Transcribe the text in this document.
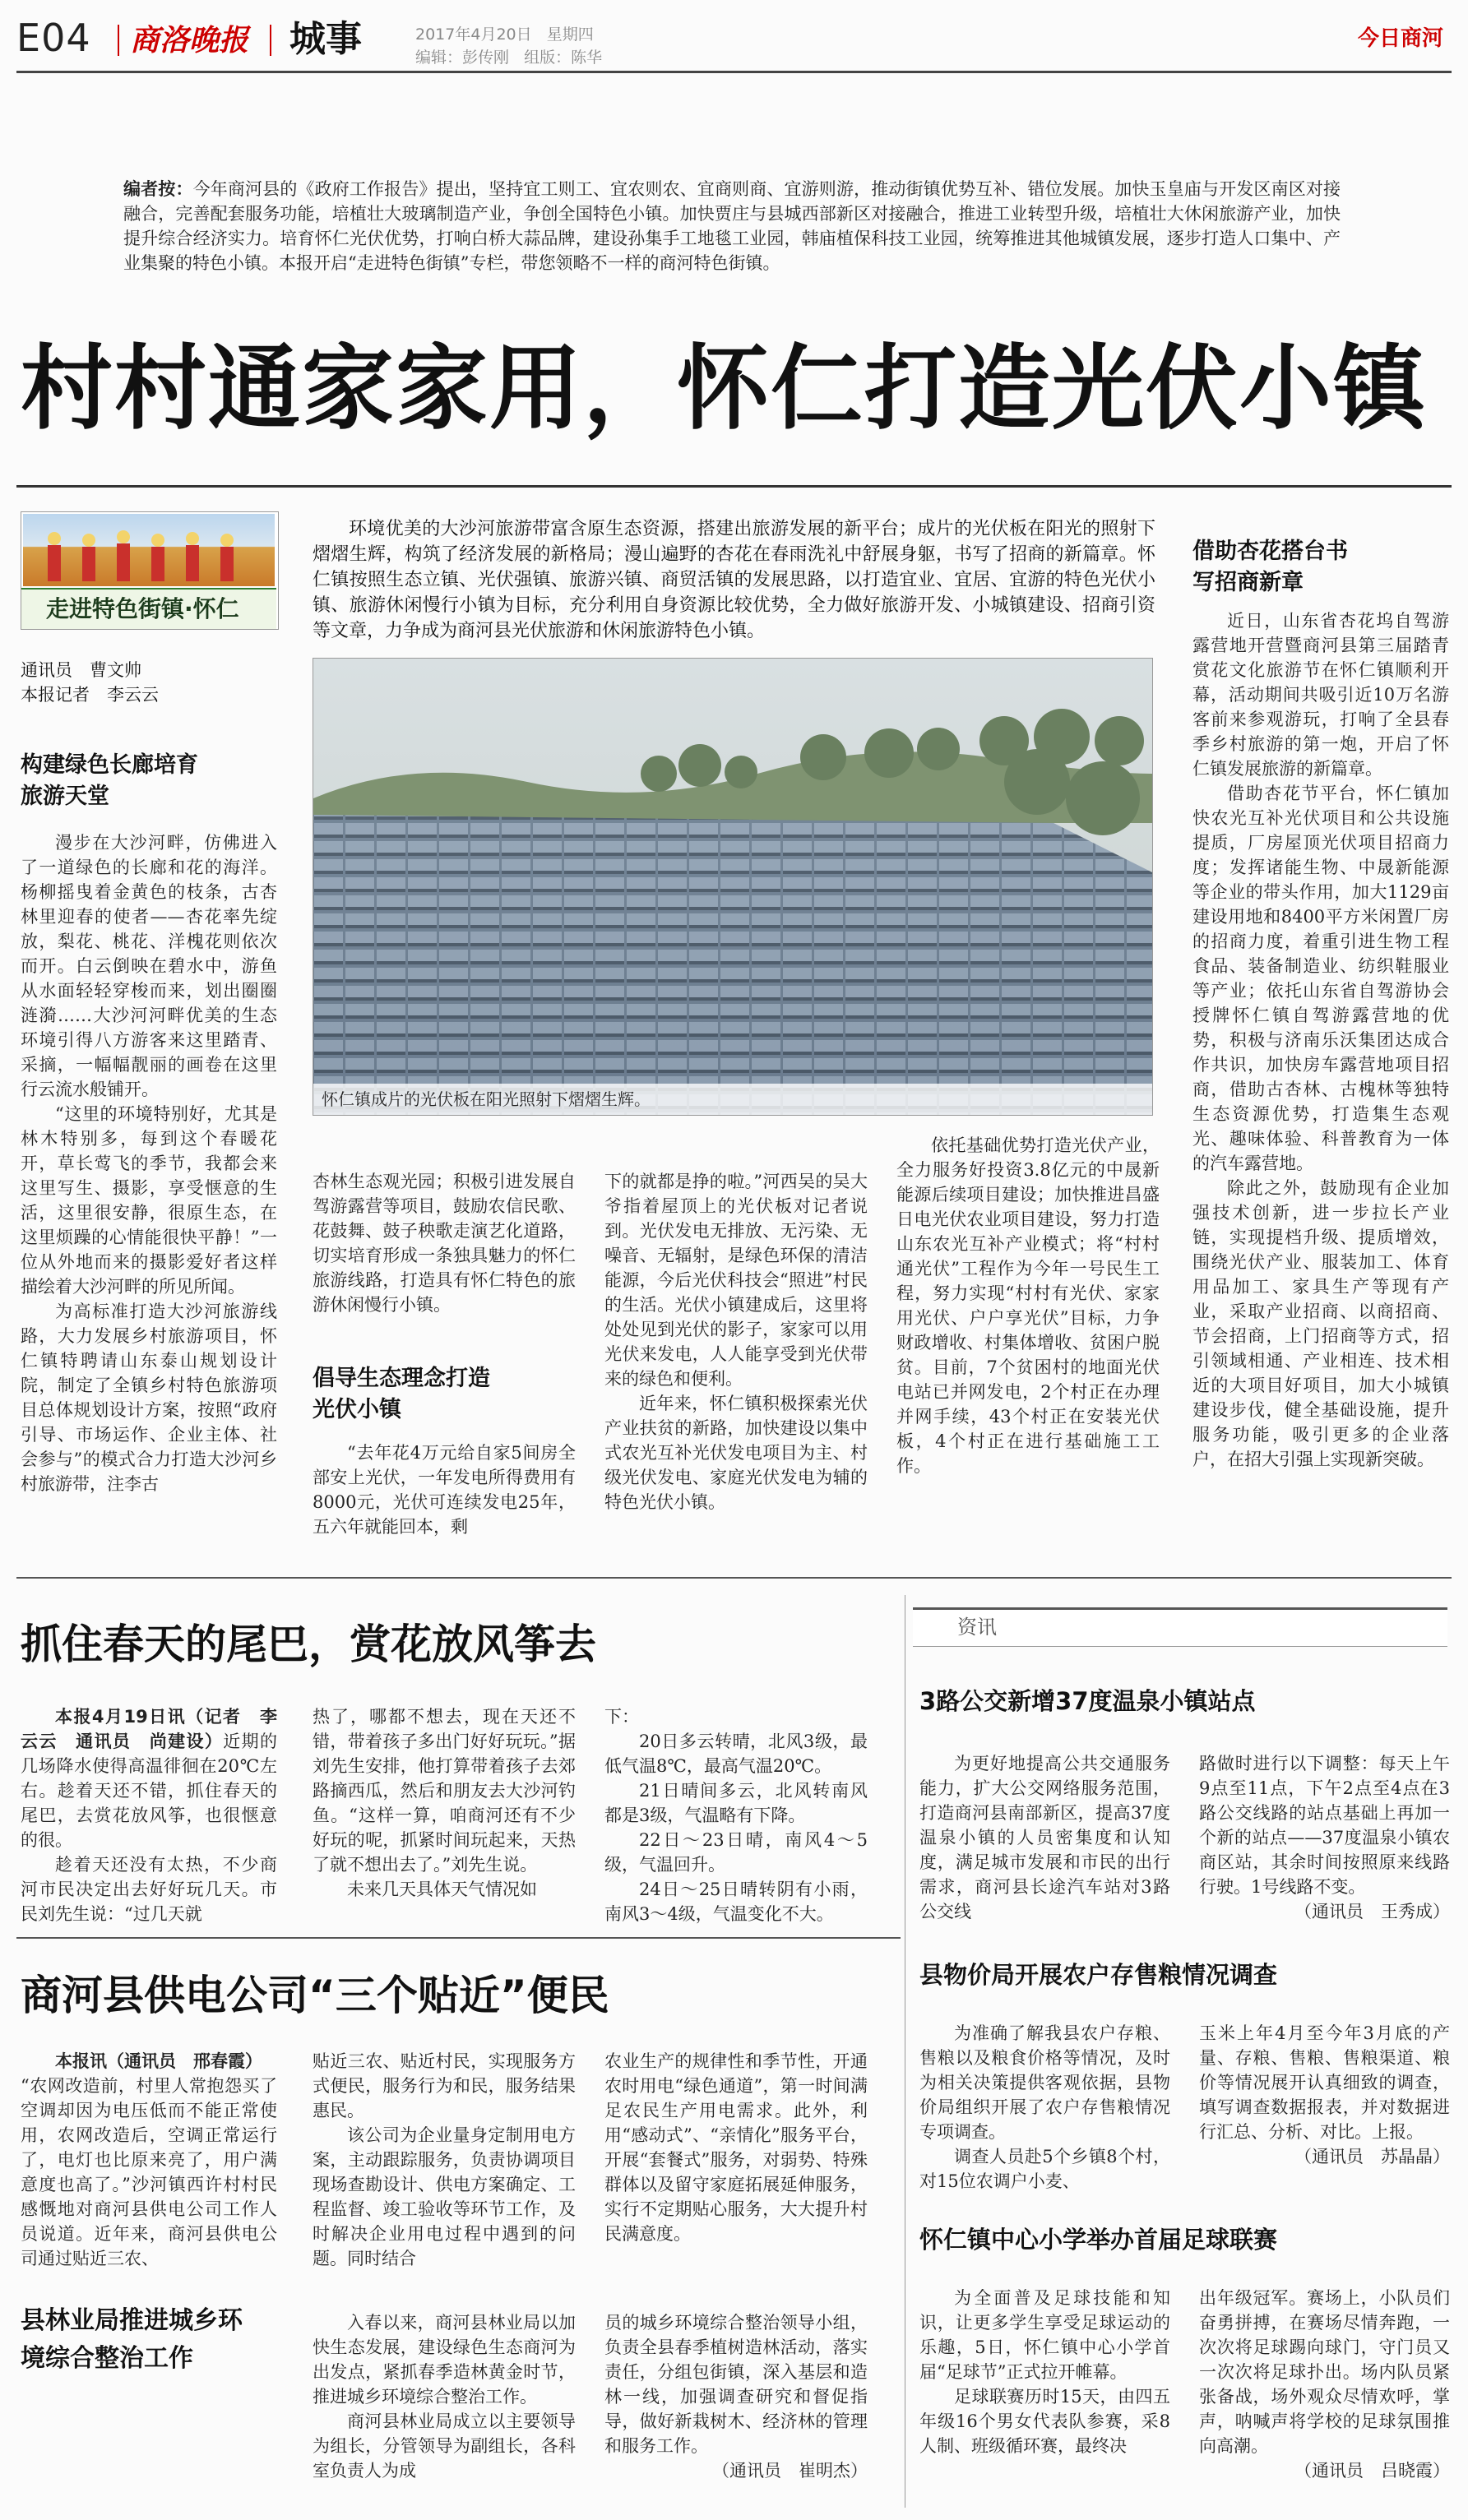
E04 商洛晚报 城事	2017年4月20日 星期四
编辑：彭传刚 组版：陈华
今日商河
编者按：今年商河县的《政府工作报告》提出，坚持宜工则工、宜农则农、宜商则商、宜游则游，推动街镇优势互补、错位发展。加快玉皇庙与开发区南区对接融合，完善配套服务功能，培植壮大玻璃制造产业，争创全国特色小镇。加快贾庄与县城西部新区对接融合，推进工业转型升级，培植壮大休闲旅游产业，加快提升综合经济实力。培育怀仁光伏优势，打响白桥大蒜品牌，建设孙集手工地毯工业园，韩庙植保科技工业园，统筹推进其他城镇发展，逐步打造人口集中、产业集聚的特色小镇。本报开启“走进特色街镇”专栏，带您领略不一样的商河特色街镇。
村村通家家用，怀仁打造光伏小镇
走进特色街镇·怀仁

环境优美的大沙河旅游带富含原生态资源，搭建出旅游发展的新平台；成片的光伏板在阳光的照射下熠熠生辉，构筑了经济发展的新格局；漫山遍野的杏花在春雨洗礼中舒展身躯，书写了招商的新篇章。怀仁镇按照生态立镇、光伏强镇、旅游兴镇、商贸活镇的发展思路，以打造宜业、宜居、宜游的特色光伏小镇、旅游休闲慢行小镇为目标，充分利用自身资源比较优势，全力做好旅游开发、小城镇建设、招商引资等文章，力争成为商河县光伏旅游和休闲旅游特色小镇。

怀仁镇成片的光伏板在阳光照射下熠熠生辉。
通讯员　曹文帅
本报记者　李云云
构建绿色长廊培育旅游天堂

漫步在大沙河畔，仿佛进入了一道绿色的长廊和花的海洋。杨柳摇曳着金黄色的枝条，古杏林里迎春的使者——杏花率先绽放，梨花、桃花、洋槐花则依次而开。白云倒映在碧水中，游鱼从水面轻轻穿梭而来，划出圈圈涟漪……大沙河河畔优美的生态环境引得八方游客来这里踏青、采摘，一幅幅靓丽的画卷在这里行云流水般铺开。

“这里的环境特别好，尤其是林木特别多，每到这个春暖花开，草长莺飞的季节，我都会来这里写生、摄影，享受惬意的生活，这里很安静，很原生态，在这里烦躁的心情能很快平静！”一位从外地而来的摄影爱好者这样描绘着大沙河畔的所见所闻。

为高标准打造大沙河旅游线路，大力发展乡村旅游项目，怀仁镇特聘请山东泰山规划设计院，制定了全镇乡村特色旅游项目总体规划设计方案，按照“政府引导、市场运作、企业主体、社会参与”的模式合力打造大沙河乡村旅游带，注李古

杏林生态观光园；积极引进发展自驾游露营等项目，鼓励农信民歌、花鼓舞、鼓子秧歌走演艺化道路，切实培育形成一条独具魅力的怀仁旅游线路，打造具有怀仁特色的旅游休闲慢行小镇。

倡导生态理念打造光伏小镇

“去年花4万元给自家5间房全部安上光伏，一年发电所得费用有8000元，光伏可连续发电25年，五六年就能回本，剩

下的就都是挣的啦。”河西吴的吴大爷指着屋顶上的光伏板对记者说到。光伏发电无排放、无污染、无噪音、无辐射，是绿色环保的清洁能源，今后光伏科技会“照进”村民的生活。光伏小镇建成后，这里将处处见到光伏的影子，家家可以用光伏来发电，人人能享受到光伏带来的绿色和便利。

近年来，怀仁镇积极探索光伏产业扶贫的新路，加快建设以集中式农光互补光伏发电项目为主、村级光伏发电、家庭光伏发电为辅的特色光伏小镇。

依托基础优势打造光伏产业，全力服务好投资3.8亿元的中晟新能源后续项目建设；加快推进昌盛日电光伏农业项目建设，努力打造山东农光互补产业模式；将“村村通光伏”工程作为今年一号民生工程，努力实现“村村有光伏、家家用光伏、户户享光伏”目标，力争财政增收、村集体增收、贫困户脱贫。目前，7个贫困村的地面光伏电站已并网发电，2个村正在办理并网手续，43个村正在安装光伏板，4个村正在进行基础施工工作。

借助杏花搭台书写招商新章

近日，山东省杏花坞自驾游露营地开营暨商河县第三届踏青赏花文化旅游节在怀仁镇顺利开幕，活动期间共吸引近10万名游客前来参观游玩，打响了全县春季乡村旅游的第一炮，开启了怀仁镇发展旅游的新篇章。

借助杏花节平台，怀仁镇加快农光互补光伏项目和公共设施提质，厂房屋顶光伏项目招商力度；发挥诸能生物、中晟新能源等企业的带头作用，加大1129亩建设用地和8400平方米闲置厂房的招商力度，着重引进生物工程食品、装备制造业、纺织鞋服业等产业；依托山东省自驾游协会授牌怀仁镇自驾游露营地的优势，积极与济南乐沃集团达成合作共识，加快房车露营地项目招商，借助古杏林、古槐林等独特生态资源优势，打造集生态观光、趣味体验、科普教育为一体的汽车露营地。

除此之外，鼓励现有企业加强技术创新，进一步拉长产业链，实现提档升级、提质增效，围绕光伏产业、服装加工、体育用品加工、家具生产等现有产业，采取产业招商、以商招商、节会招商，上门招商等方式，招引领域相通、产业相连、技术相近的大项目好项目，加大小城镇建设步伐，健全基础设施，提升服务功能，吸引更多的企业落户，在招大引强上实现新突破。

抓住春天的尾巴，赏花放风筝去

本报4月19日讯（记者　李云云　通讯员　尚建设）近期的几场降水使得高温徘徊在20℃左右。趁着天还不错，抓住春天的尾巴，去赏花放风筝，也很惬意的很。

趁着天还没有太热，不少商河市民决定出去好好玩几天。市民刘先生说：“过几天就

热了，哪都不想去，现在天还不错，带着孩子多出门好好玩玩。”据刘先生安排，他打算带着孩子去郊路摘西瓜，然后和朋友去大沙河钓鱼。“这样一算，咱商河还有不少好玩的呢，抓紧时间玩起来，天热了就不想出去了。”刘先生说。

未来几天具体天气情况如

下：

20日多云转晴，北风3级，最低气温8℃，最高气温20℃。

21日晴间多云，北风转南风都是3级，气温略有下降。

22日～23日晴，南风4～5级，气温回升。

24日～25日晴转阴有小雨，南风3～4级，气温变化不大。

商河县供电公司“三个贴近”便民

本报讯（通讯员　邢春霞）

“农网改造前，村里人常抱怨买了空调却因为电压低而不能正常使用，农网改造后，空调正常运行了，电灯也比原来亮了，用户满意度也高了。”沙河镇西许村村民感慨地对商河县供电公司工作人员说道。近年来，商河县供电公司通过贴近三农、

贴近三农、贴近村民，实现服务方式便民，服务行为和民，服务结果惠民。

该公司为企业量身定制用电方案，主动跟踪服务，负责协调项目现场查勘设计、供电方案确定、工程监督、竣工验收等环节工作，及时解决企业用电过程中遇到的问题。同时结合

农业生产的规律性和季节性，开通农时用电“绿色通道”，第一时间满足农民生产用电需求。此外，利用“感动式”、“亲情化”服务平台，开展“套餐式”服务，对弱势、特殊群体以及留守家庭拓展延伸服务，实行不定期贴心服务，大大提升村民满意度。

县林业局推进城乡环境综合整治工作

入春以来，商河县林业局以加快生态发展，建设绿色生态商河为出发点，紧抓春季造林黄金时节，推进城乡环境综合整治工作。

商河县林业局成立以主要领导为组长，分管领导为副组长，各科室负责人为成

员的城乡环境综合整治领导小组，负责全县春季植树造林活动，落实责任，分组包街镇，深入基层和造林一线，加强调查研究和督促指导，做好新栽树木、经济林的管理和服务工作。

（通讯员　崔明杰）
资讯
3路公交新增37度温泉小镇站点

为更好地提高公共交通服务能力，扩大公交网络服务范围，打造商河县南部新区，提高37度温泉小镇的人员密集度和认知度，满足城市发展和市民的出行需求，商河县长途汽车站对3路公交线

路做时进行以下调整：每天上午9点至11点，下午2点至4点在3路公交线路的站点基础上再加一个新的站点——37度温泉小镇农商区站，其余时间按照原来线路行驶。1号线路不变。

（通讯员　王秀成）
县物价局开展农户存售粮情况调查

为准确了解我县农户存粮、售粮以及粮食价格等情况，及时为相关决策提供客观依据，县物价局组织开展了农户存售粮情况专项调查。

调查人员赴5个乡镇8个村，对15位农调户小麦、

玉米上年4月至今年3月底的产量、存粮、售粮、售粮渠道、粮价等情况展开认真细致的调查，填写调查数据报表，并对数据进行汇总、分析、对比。上报。

（通讯员　苏晶晶）
怀仁镇中心小学举办首届足球联赛

为全面普及足球技能和知识，让更多学生享受足球运动的乐趣，5日，怀仁镇中心小学首届“足球节”正式拉开帷幕。

足球联赛历时15天，由四五年级16个男女代表队参赛，采8人制、班级循环赛，最终决

出年级冠军。赛场上，小队员们奋勇拼搏，在赛场尽情奔跑，一次次将足球踢向球门，守门员又一次次将足球扑出。场内队员紧张备战，场外观众尽情欢呼，掌声，呐喊声将学校的足球氛围推向高潮。

（通讯员　吕晓霞）
